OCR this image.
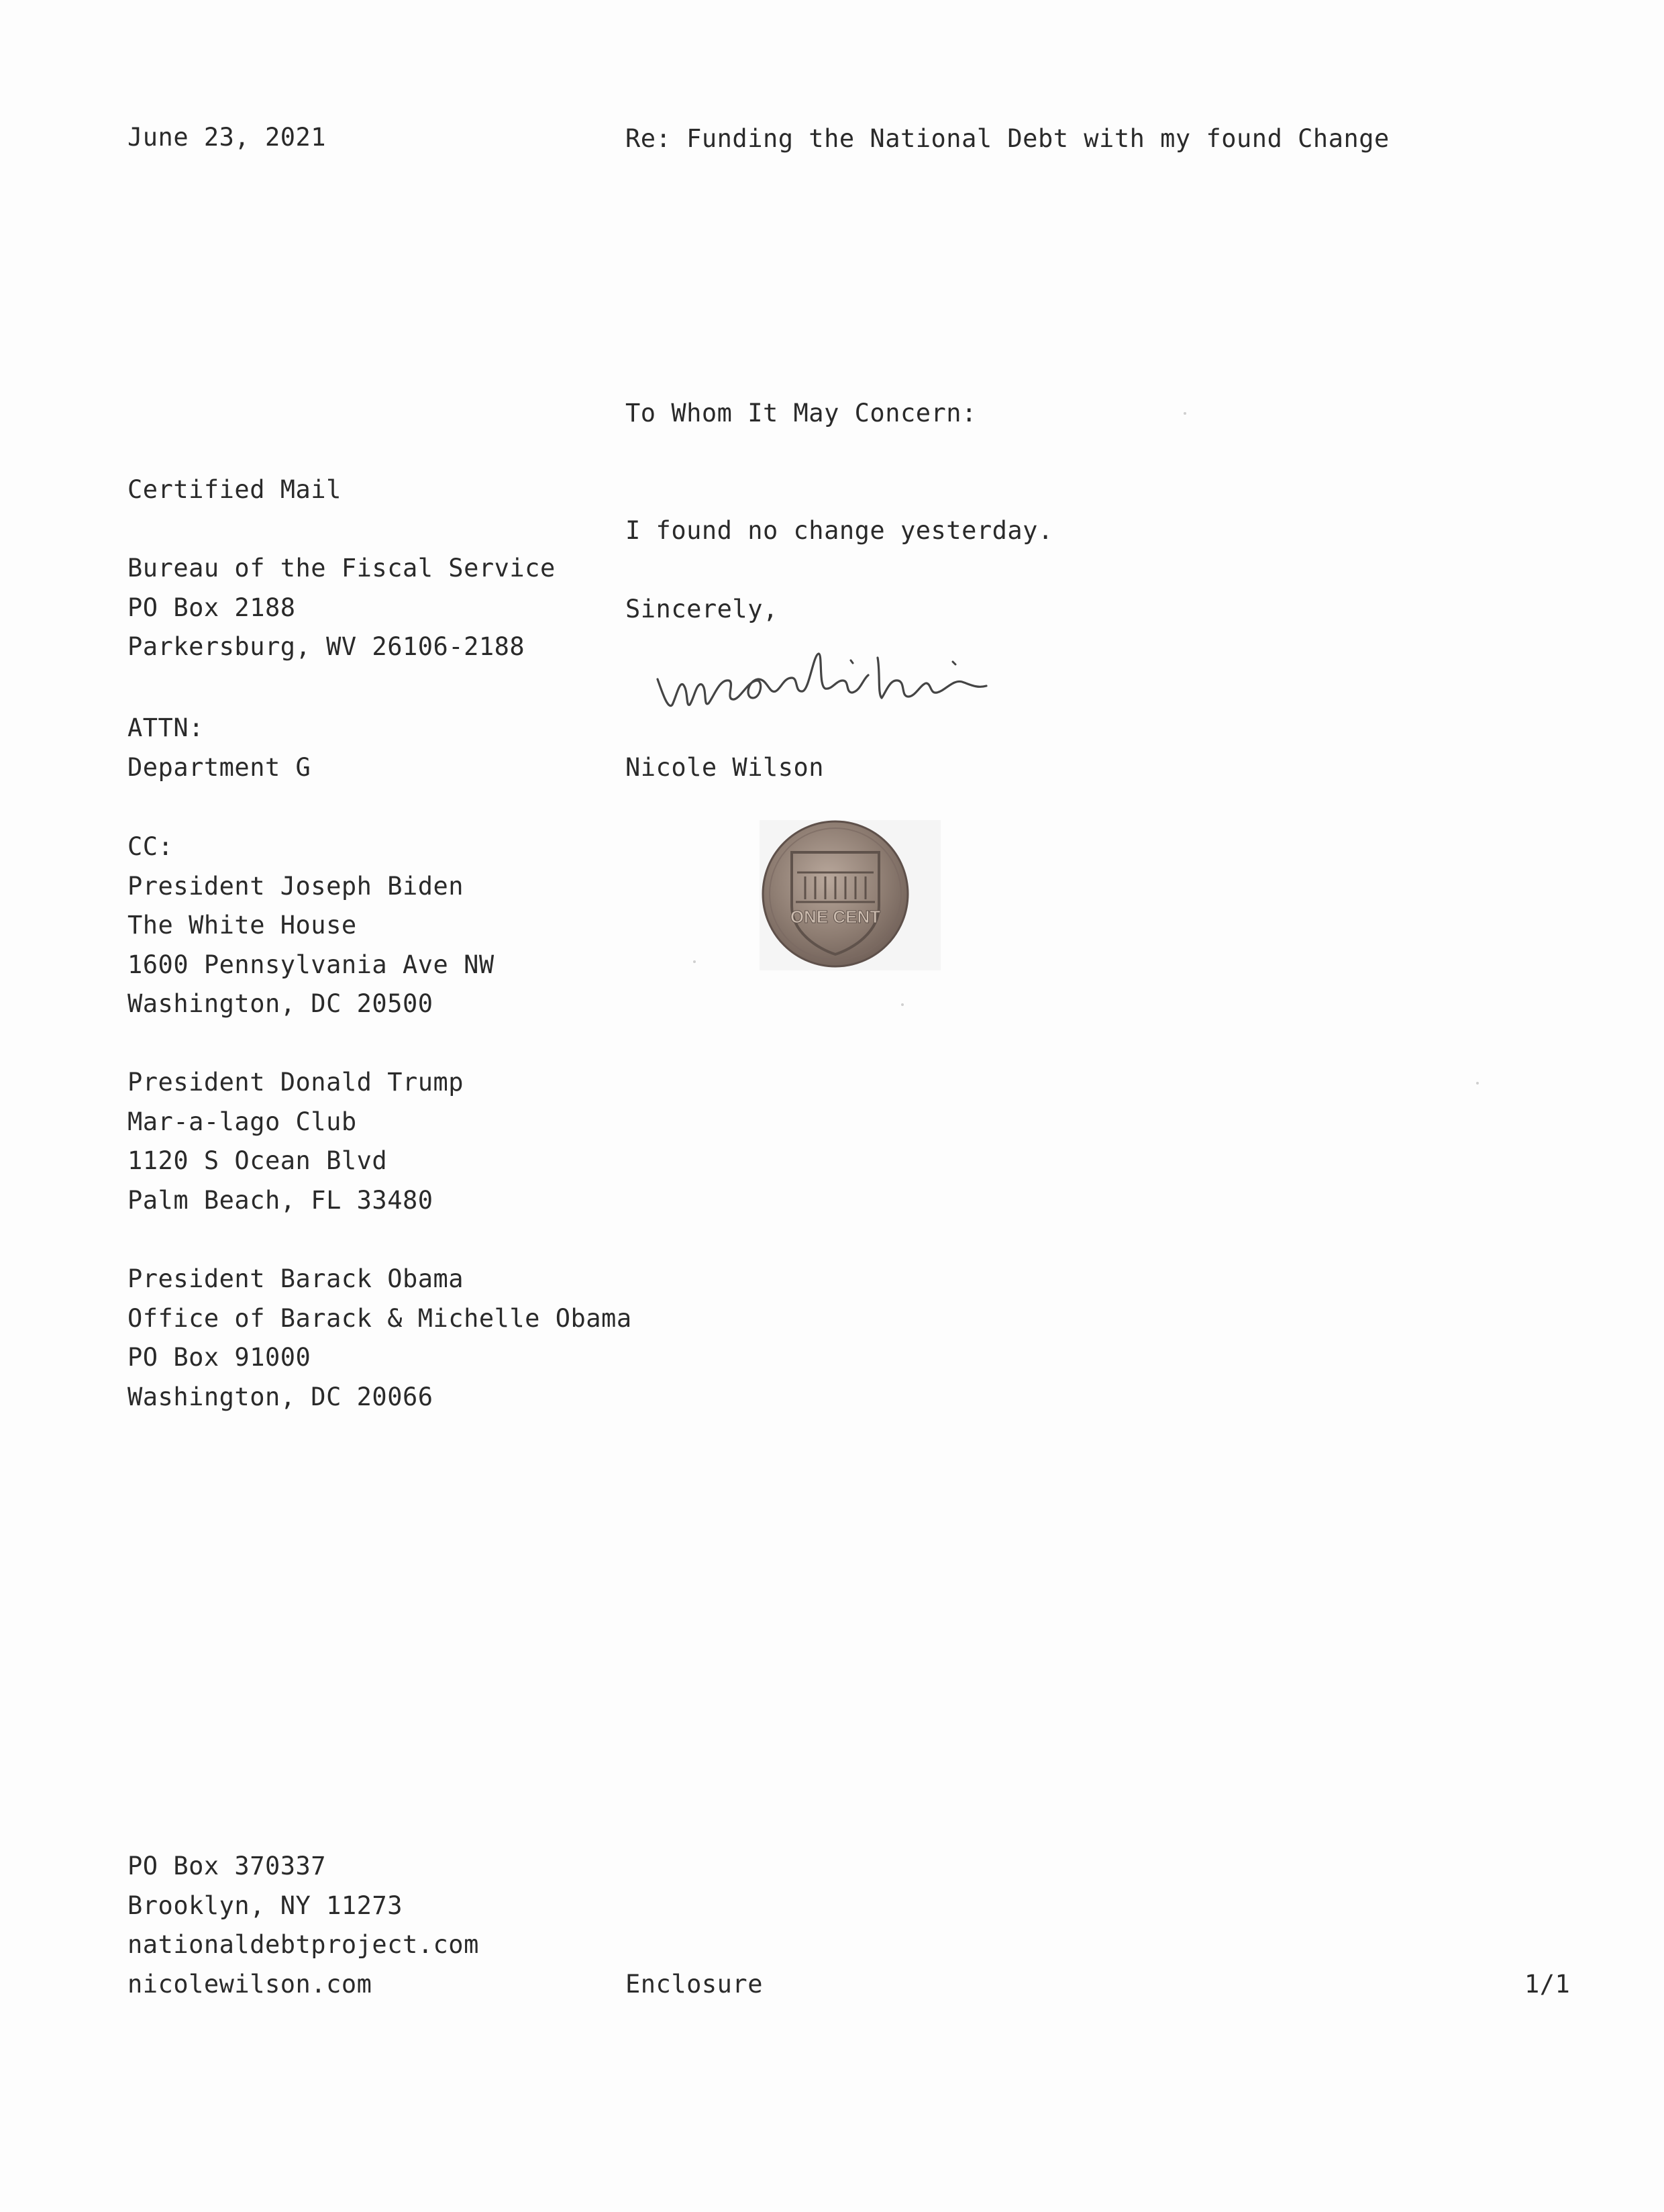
June 23, 2021	Re: Funding the National Debt with my found Change
To Whom It May Concern:
Certified Mail
Bureau of the Fiscal Service
PO Box 2188
Parkersburg, WV 26106-2188
ATTN:
Department G
CC:
President Joseph Biden
The White House
1600 Pennsylvania Ave NW
Washington, DC 20500
President Donald Trump
Mar-a-lago Club
1120 S Ocean Blvd
Palm Beach, FL 33480
President Barack Obama
Office of Barack & Michelle Obama
PO Box 91000
Washington, DC 20066
I found no change yesterday.
Sincerely,
Nicole Wilson
ONE CENT
PO Box 370337
Brooklyn, NY 11273
nationaldebtproject.com
nicolewilson.com	Enclosure	1/1
